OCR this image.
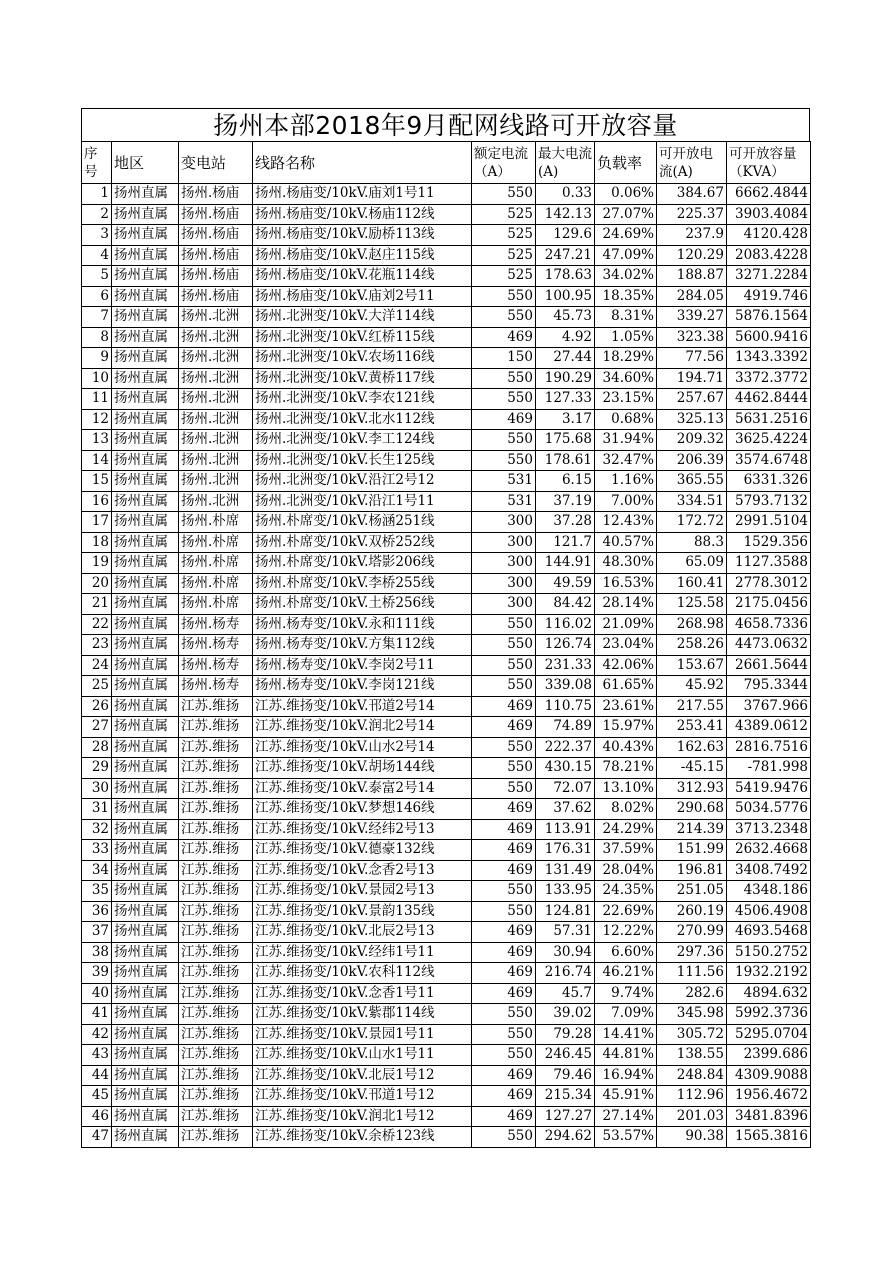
扬州本部2018年9月配网线路可开放容量
序号	地区	变电站	线路名称	额定电流（A）	最大电流(A)	负载率	可开放电流(A)	可开放容量（KVA）
1	扬州直属	扬州.杨庙	扬州.杨庙变/10kV.庙刘1号11	550	0.33	0.06%	384.67	6662.4844
2	扬州直属	扬州.杨庙	扬州.杨庙变/10kV.杨庙112线	525	142.13	27.07%	225.37	3903.4084
3	扬州直属	扬州.杨庙	扬州.杨庙变/10kV.励桥113线	525	129.6	24.69%	237.9	4120.428
4	扬州直属	扬州.杨庙	扬州.杨庙变/10kV.赵庄115线	525	247.21	47.09%	120.29	2083.4228
5	扬州直属	扬州.杨庙	扬州.杨庙变/10kV.花瓶114线	525	178.63	34.02%	188.87	3271.2284
6	扬州直属	扬州.杨庙	扬州.杨庙变/10kV.庙刘2号11	550	100.95	18.35%	284.05	4919.746
7	扬州直属	扬州.北洲	扬州.北洲变/10kV.大洋114线	550	45.73	8.31%	339.27	5876.1564
8	扬州直属	扬州.北洲	扬州.北洲变/10kV.红桥115线	469	4.92	1.05%	323.38	5600.9416
9	扬州直属	扬州.北洲	扬州.北洲变/10kV.农场116线	150	27.44	18.29%	77.56	1343.3392
10	扬州直属	扬州.北洲	扬州.北洲变/10kV.黄桥117线	550	190.29	34.60%	194.71	3372.3772
11	扬州直属	扬州.北洲	扬州.北洲变/10kV.李农121线	550	127.33	23.15%	257.67	4462.8444
12	扬州直属	扬州.北洲	扬州.北洲变/10kV.北水112线	469	3.17	0.68%	325.13	5631.2516
13	扬州直属	扬州.北洲	扬州.北洲变/10kV.李工124线	550	175.68	31.94%	209.32	3625.4224
14	扬州直属	扬州.北洲	扬州.北洲变/10kV.长生125线	550	178.61	32.47%	206.39	3574.6748
15	扬州直属	扬州.北洲	扬州.北洲变/10kV.沿江2号12	531	6.15	1.16%	365.55	6331.326
16	扬州直属	扬州.北洲	扬州.北洲变/10kV.沿江1号11	531	37.19	7.00%	334.51	5793.7132
17	扬州直属	扬州.朴席	扬州.朴席变/10kV.杨涵251线	300	37.28	12.43%	172.72	2991.5104
18	扬州直属	扬州.朴席	扬州.朴席变/10kV.双桥252线	300	121.7	40.57%	88.3	1529.356
19	扬州直属	扬州.朴席	扬州.朴席变/10kV.塔影206线	300	144.91	48.30%	65.09	1127.3588
20	扬州直属	扬州.朴席	扬州.朴席变/10kV.李桥255线	300	49.59	16.53%	160.41	2778.3012
21	扬州直属	扬州.朴席	扬州.朴席变/10kV.土桥256线	300	84.42	28.14%	125.58	2175.0456
22	扬州直属	扬州.杨寿	扬州.杨寿变/10kV.永和111线	550	116.02	21.09%	268.98	4658.7336
23	扬州直属	扬州.杨寿	扬州.杨寿变/10kV.方集112线	550	126.74	23.04%	258.26	4473.0632
24	扬州直属	扬州.杨寿	扬州.杨寿变/10kV.李岗2号11	550	231.33	42.06%	153.67	2661.5644
25	扬州直属	扬州.杨寿	扬州.杨寿变/10kV.李岗121线	550	339.08	61.65%	45.92	795.3344
26	扬州直属	江苏.维扬	江苏.维扬变/10kV.邗道2号14	469	110.75	23.61%	217.55	3767.966
27	扬州直属	江苏.维扬	江苏.维扬变/10kV.润北2号14	469	74.89	15.97%	253.41	4389.0612
28	扬州直属	江苏.维扬	江苏.维扬变/10kV.山水2号14	550	222.37	40.43%	162.63	2816.7516
29	扬州直属	江苏.维扬	江苏.维扬变/10kV.胡场144线	550	430.15	78.21%	-45.15	-781.998
30	扬州直属	江苏.维扬	江苏.维扬变/10kV.泰富2号14	550	72.07	13.10%	312.93	5419.9476
31	扬州直属	江苏.维扬	江苏.维扬变/10kV.梦想146线	469	37.62	8.02%	290.68	5034.5776
32	扬州直属	江苏.维扬	江苏.维扬变/10kV.经纬2号13	469	113.91	24.29%	214.39	3713.2348
33	扬州直属	江苏.维扬	江苏.维扬变/10kV.德豪132线	469	176.31	37.59%	151.99	2632.4668
34	扬州直属	江苏.维扬	江苏.维扬变/10kV.念香2号13	469	131.49	28.04%	196.81	3408.7492
35	扬州直属	江苏.维扬	江苏.维扬变/10kV.景园2号13	550	133.95	24.35%	251.05	4348.186
36	扬州直属	江苏.维扬	江苏.维扬变/10kV.景韵135线	550	124.81	22.69%	260.19	4506.4908
37	扬州直属	江苏.维扬	江苏.维扬变/10kV.北辰2号13	469	57.31	12.22%	270.99	4693.5468
38	扬州直属	江苏.维扬	江苏.维扬变/10kV.经纬1号11	469	30.94	6.60%	297.36	5150.2752
39	扬州直属	江苏.维扬	江苏.维扬变/10kV.农科112线	469	216.74	46.21%	111.56	1932.2192
40	扬州直属	江苏.维扬	江苏.维扬变/10kV.念香1号11	469	45.7	9.74%	282.6	4894.632
41	扬州直属	江苏.维扬	江苏.维扬变/10kV.紫郡114线	550	39.02	7.09%	345.98	5992.3736
42	扬州直属	江苏.维扬	江苏.维扬变/10kV.景园1号11	550	79.28	14.41%	305.72	5295.0704
43	扬州直属	江苏.维扬	江苏.维扬变/10kV.山水1号11	550	246.45	44.81%	138.55	2399.686
44	扬州直属	江苏.维扬	江苏.维扬变/10kV.北辰1号12	469	79.46	16.94%	248.84	4309.9088
45	扬州直属	江苏.维扬	江苏.维扬变/10kV.邗道1号12	469	215.34	45.91%	112.96	1956.4672
46	扬州直属	江苏.维扬	江苏.维扬变/10kV.润北1号12	469	127.27	27.14%	201.03	3481.8396
47	扬州直属	江苏.维扬	江苏.维扬变/10kV.余桥123线	550	294.62	53.57%	90.38	1565.3816
